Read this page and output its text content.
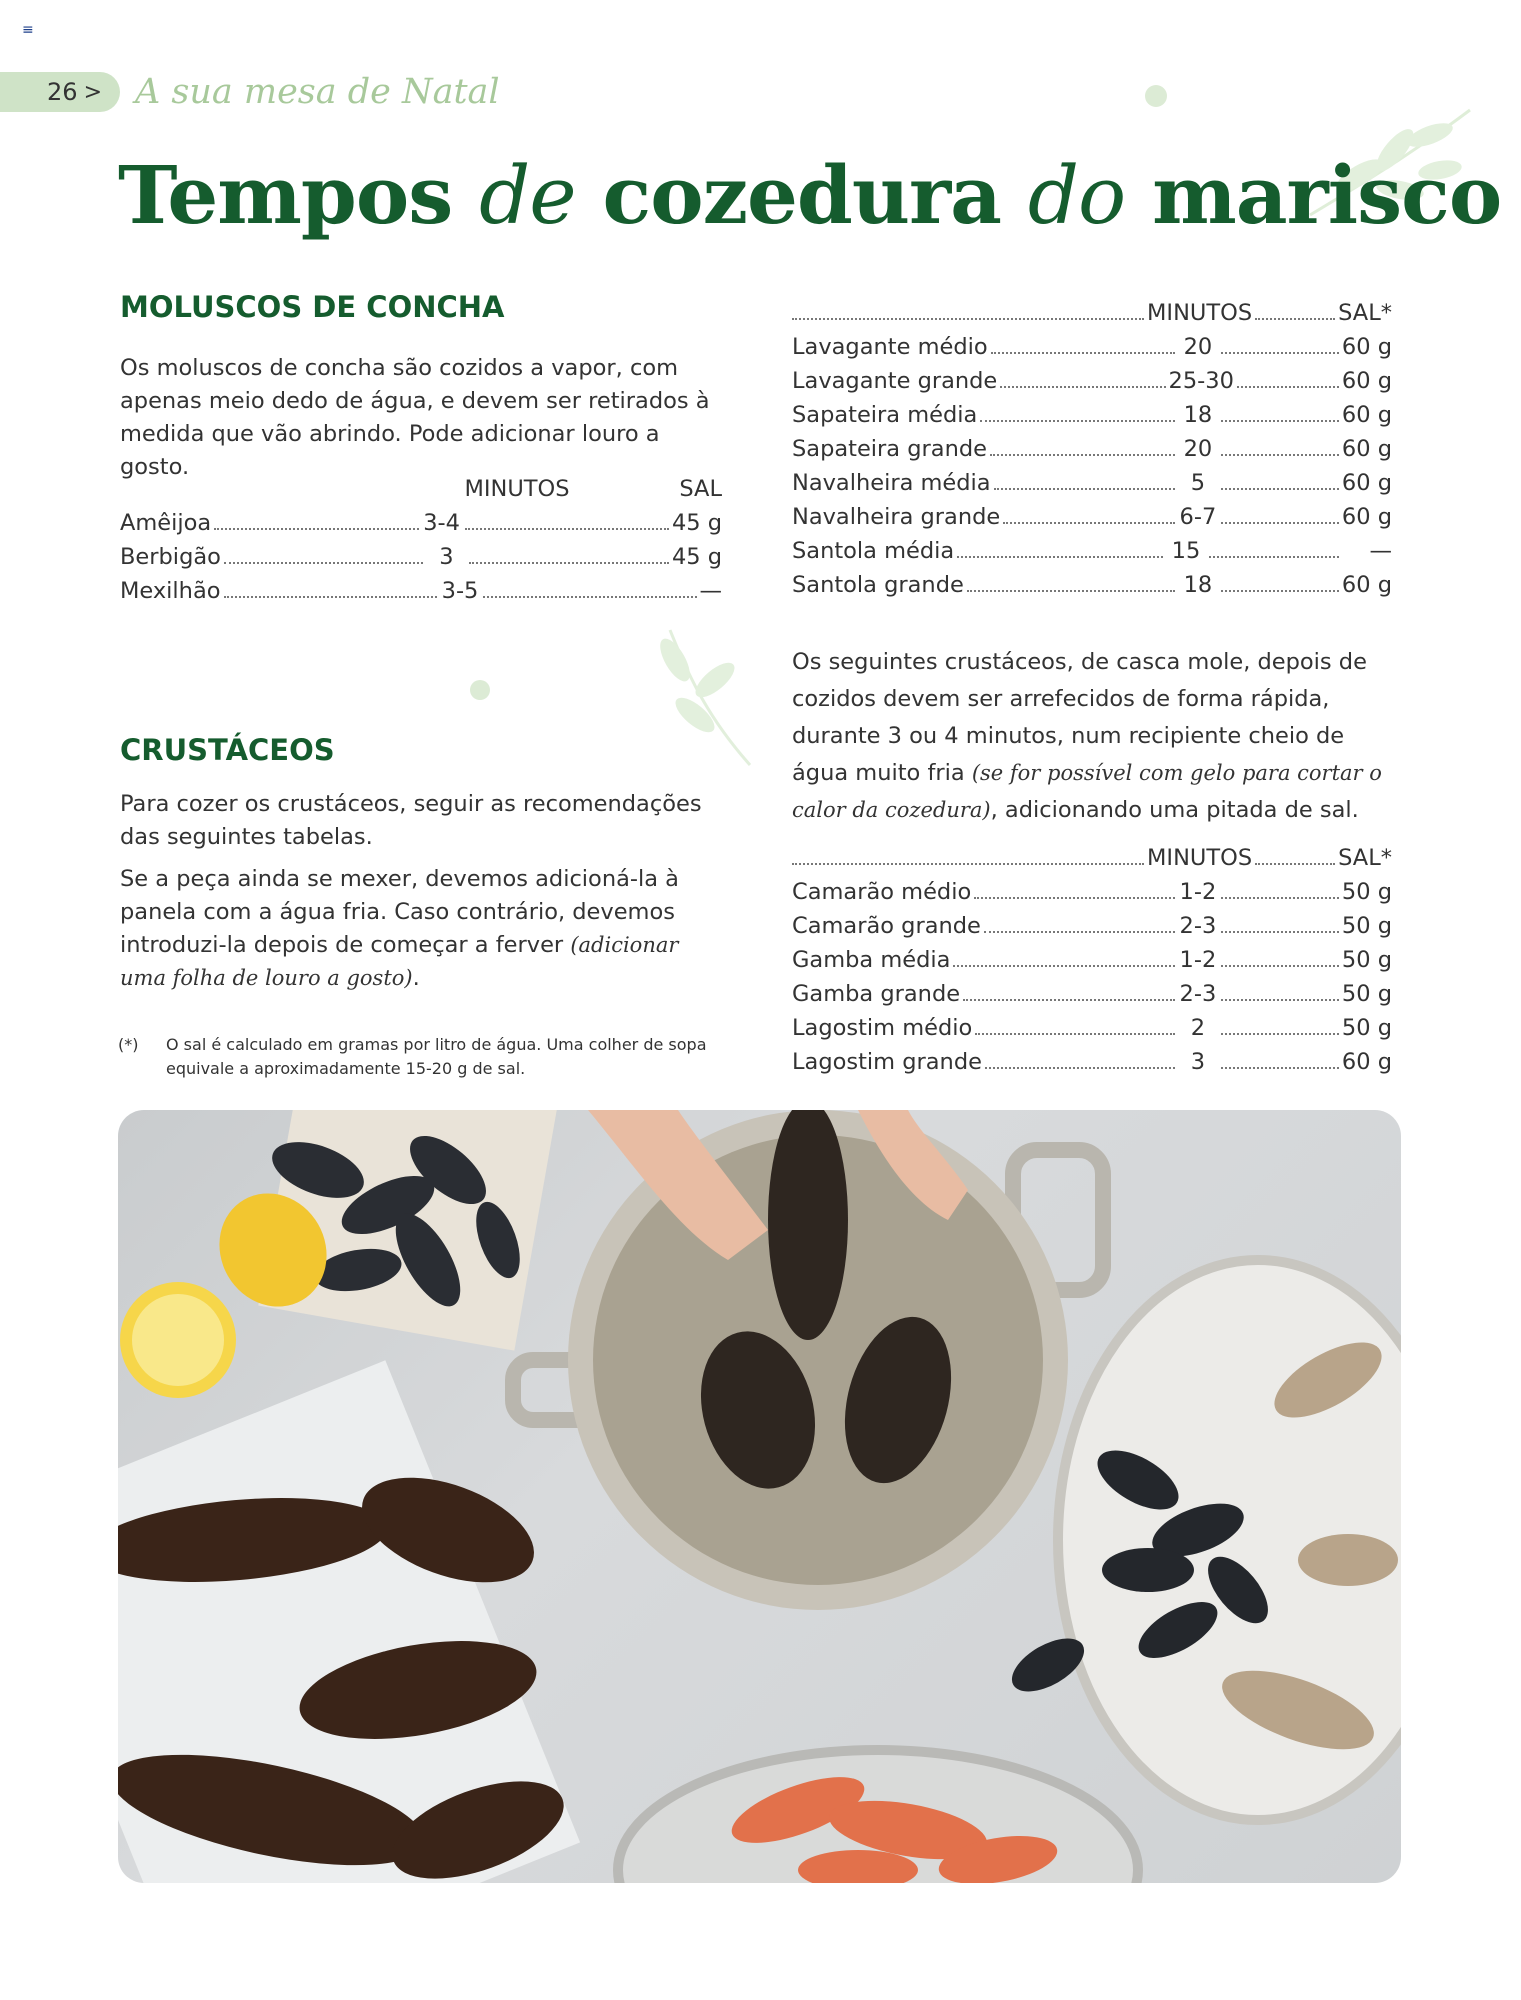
≡
26 > A sua mesa de Natal
Tempos de cozedura do marisco
MOLUSCOS DE CONCHA

Os moluscos de concha são cozidos a vapor, com apenas meio dedo de água, e devem ser retirados à medida que vão abrindo. Pode adicionar louro a gosto.

MINUTOS	SAL
Amêijoa	3-4	45 g
Berbigão	3	45 g
Mexilhão	3-5	—
CRUSTÁCEOS

Para cozer os crustáceos, seguir as recomendações das seguintes tabelas.

Se a peça ainda se mexer, devemos adicioná-la à panela com a água fria. Caso contrário, devemos introduzi-la depois de começar a ferver (adicionar uma folha de louro a gosto).

(*)	O sal é calculado em gramas por litro de água. Uma colher de sopa equivale a aproximadamente 15-20 g de sal.
MINUTOS	SAL*
Lavagante médio	20	60 g
Lavagante grande	25-30	60 g
Sapateira média	18	60 g
Sapateira grande	20	60 g
Navalheira média	5	60 g
Navalheira grande	6-7	60 g
Santola média	15	—
Santola grande	18	60 g

Os seguintes crustáceos, de casca mole, depois de cozidos devem ser arrefecidos de forma rápida, durante 3 ou 4 minutos, num recipiente cheio de água muito fria (se for possível com gelo para cortar o calor da cozedura), adicionando uma pitada de sal.

MINUTOS	SAL*
Camarão médio	1-2	50 g
Camarão grande	2-3	50 g
Gamba média	1-2	50 g
Gamba grande	2-3	50 g
Lagostim médio	2	50 g
Lagostim grande	3	60 g
